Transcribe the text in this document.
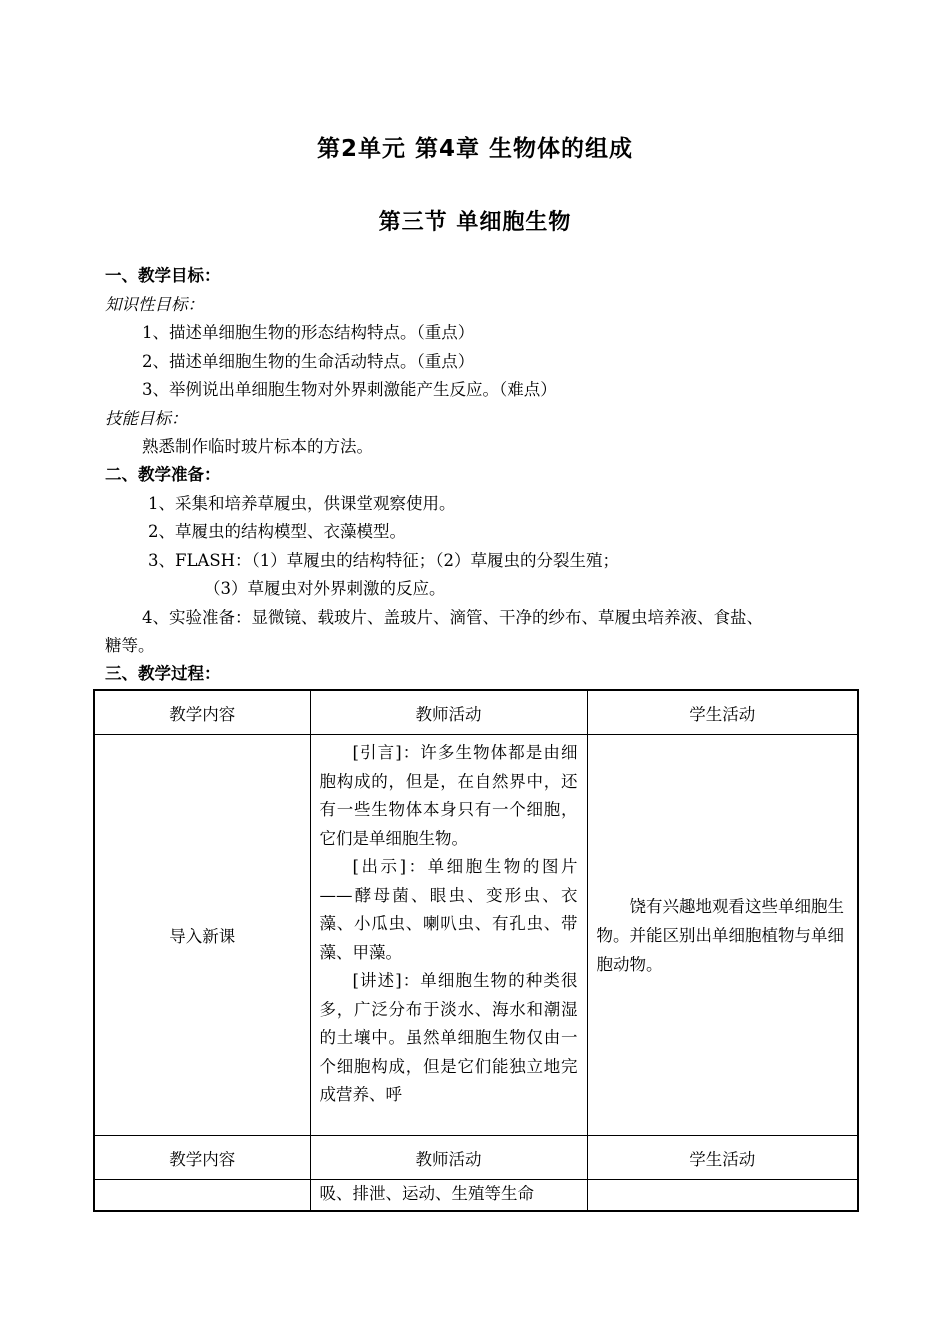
第2单元 第4章 生物体的组成
第三节 单细胞生物
一、教学目标：
知识性目标：
1、描述单细胞生物的形态结构特点。（重点）
2、描述单细胞生物的生命活动特点。（重点）
3、举例说出单细胞生物对外界刺激能产生反应。（难点）
技能目标：
熟悉制作临时玻片标本的方法。
二、教学准备：
1、采集和培养草履虫，供课堂观察使用。
2、草履虫的结构模型、衣藻模型。
3、FLASH：（1）草履虫的结构特征；（2）草履虫的分裂生殖；
（3）草履虫对外界刺激的反应。
4、实验准备：显微镜、载玻片、盖玻片、滴管、干净的纱布、草履虫培养液、食盐、
糖等。
三、教学过程：
教学内容	教师活动	学生活动
导入新课	[引言]：许多生物体都是由细胞构成的，但是，在自然界中，还有一些生物体本身只有一个细胞，它们是单细胞生物。

[出示]：单细胞生物的图片——酵母菌、眼虫、变形虫、衣藻、小瓜虫、喇叭虫、有孔虫、带藻、甲藻。

[讲述]：单细胞生物的种类很多，广泛分布于淡水、海水和潮湿的土壤中。虽然单细胞生物仅由一个细胞构成，但是它们能独立地完成营养、呼	饶有兴趣地观看这些单细胞生物。并能区别出单细胞植物与单细胞动物。

教学内容	教师活动	学生活动

	吸、排泄、运动、生殖等生命	
